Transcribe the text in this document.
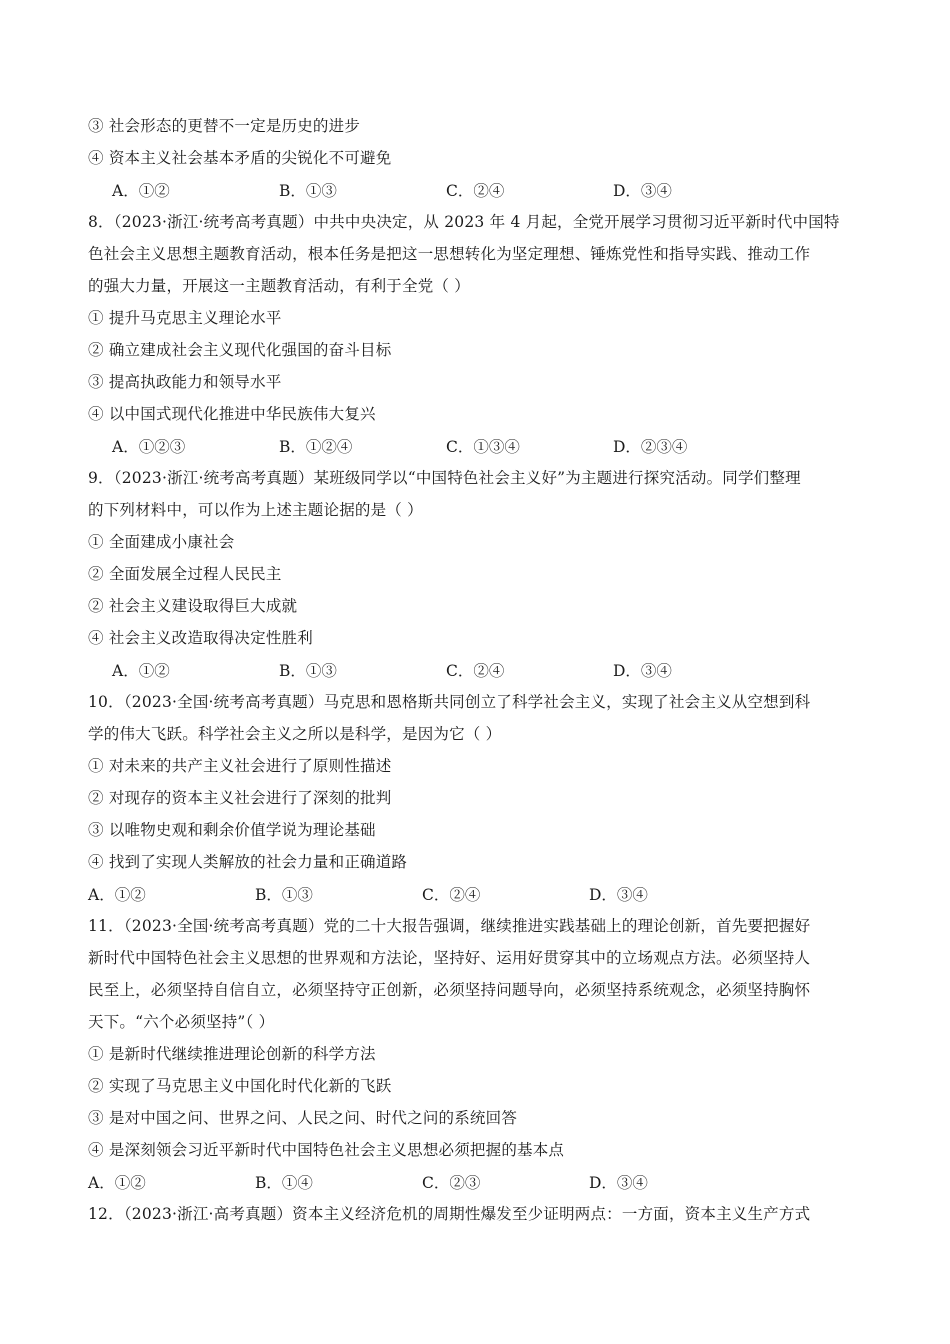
③ 社会形态的更替不一定是历史的进步
④ 资本主义社会基本矛盾的尖锐化不可避免
A．①②	B．①③	C．②④	D．③④
8．（2023·浙江·统考高考真题）中共中央决定，从 2023 年 4 月起，全党开展学习贯彻习近平新时代中国特
色社会主义思想主题教育活动，根本任务是把这一思想转化为坚定理想、锤炼党性和指导实践、推动工作
的强大力量，开展这一主题教育活动，有利于全党（ ）
① 提升马克思主义理论水平
② 确立建成社会主义现代化强国的奋斗目标
③ 提高执政能力和领导水平
④ 以中国式现代化推进中华民族伟大复兴
A．①②③	B．①②④	C．①③④	D．②③④
9．（2023·浙江·统考高考真题）某班级同学以“中国特色社会主义好”为主题进行探究活动。同学们整理
的下列材料中，可以作为上述主题论据的是（ ）
① 全面建成小康社会
② 全面发展全过程人民民主
② 社会主义建设取得巨大成就
④ 社会主义改造取得决定性胜利
A．①②	B．①③	C．②④	D．③④
10．（2023·全国·统考高考真题）马克思和恩格斯共同创立了科学社会主义，实现了社会主义从空想到科
学的伟大飞跃。科学社会主义之所以是科学，是因为它（ ）
① 对未来的共产主义社会进行了原则性描述
② 对现存的资本主义社会进行了深刻的批判
③ 以唯物史观和剩余价值学说为理论基础
④ 找到了实现人类解放的社会力量和正确道路
A．①②	B．①③	C．②④	D．③④
11．（2023·全国·统考高考真题）党的二十大报告强调，继续推进实践基础上的理论创新，首先要把握好
新时代中国特色社会主义思想的世界观和方法论，坚持好、运用好贯穿其中的立场观点方法。必须坚持人
民至上，必须坚持自信自立，必须坚持守正创新，必须坚持问题导向，必须坚持系统观念，必须坚持胸怀
天下。“六个必须坚持”（ ）
① 是新时代继续推进理论创新的科学方法
② 实现了马克思主义中国化时代化新的飞跃
③ 是对中国之问、世界之问、人民之问、时代之问的系统回答
④ 是深刻领会习近平新时代中国特色社会主义思想必须把握的基本点
A．①②	B．①④	C．②③	D．③④
12．（2023·浙江·高考真题）资本主义经济危机的周期性爆发至少证明两点：一方面，资本主义生产方式
